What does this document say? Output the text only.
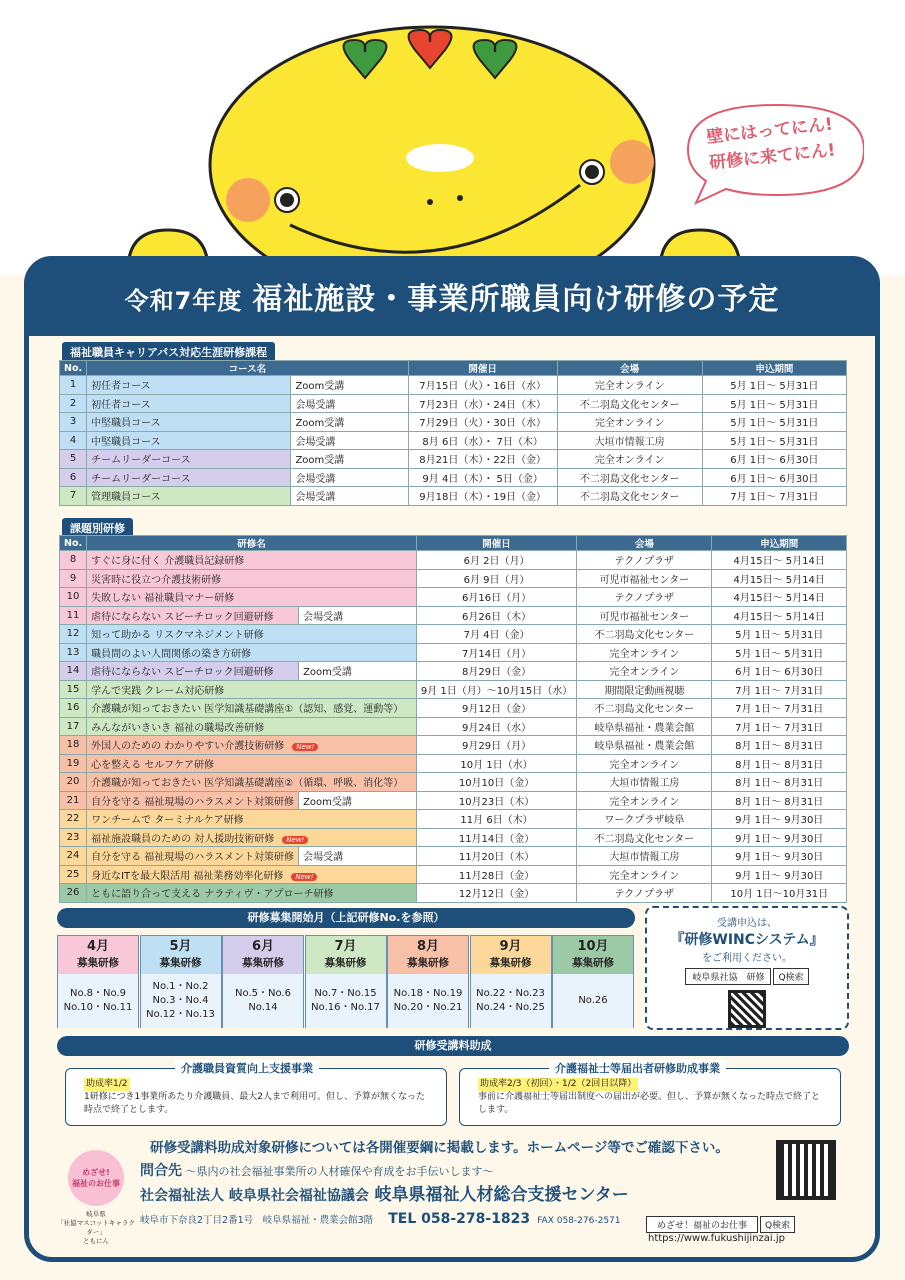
壁にはってにん!
研修に来てにん!
令和7年度 福祉施設・事業所職員向け研修の予定
福祉職員キャリアパス対応生涯研修課程
No.	コース名		開催日	会場	申込期間
1	初任者コース	Zoom受講	7月15日（火）・16日（水）	完全オンライン	5月 1日〜 5月31日
2	初任者コース	会場受講	7月23日（水）・24日（木）	不二羽島文化センター	5月 1日〜 5月31日
3	中堅職員コース	Zoom受講	7月29日（火）・30日（水）	完全オンライン	5月 1日〜 5月31日
4	中堅職員コース	会場受講	8月 6日（水）・ 7日（木）	大垣市情報工房	5月 1日〜 5月31日
5	チームリーダーコース	Zoom受講	8月21日（木）・22日（金）	完全オンライン	6月 1日〜 6月30日
6	チームリーダーコース	会場受講	9月 4日（木）・ 5日（金）	不二羽島文化センター	6月 1日〜 6月30日
7	管理職員コース	会場受講	9月18日（木）・19日（金）	不二羽島文化センター	7月 1日〜 7月31日
課題別研修
No.	研修名		開催日	会場	申込期間
8	すぐに身に付く 介護職員記録研修		6月 2日（月）	テクノプラザ	4月15日〜 5月14日
9	災害時に役立つ介護技術研修		6月 9日（月）	可児市福祉センター	4月15日〜 5月14日
10	失敗しない 福祉職員マナー研修		6月16日（月）	テクノプラザ	4月15日〜 5月14日
11	虐待にならない スピーチロック回避研修	会場受講	6月26日（木）	可児市福祉センター	4月15日〜 5月14日
12	知って助かる リスクマネジメント研修		7月 4日（金）	不二羽島文化センター	5月 1日〜 5月31日
13	職員間のよい人間関係の築き方研修		7月14日（月）	完全オンライン	5月 1日〜 5月31日
14	虐待にならない スピーチロック回避研修	Zoom受講	8月29日（金）	完全オンライン	6月 1日〜 6月30日
15	学んで実践 クレーム対応研修		9月 1日（月）〜10月15日（水）	期間限定動画視聴	7月 1日〜 7月31日
16	介護職が知っておきたい 医学知識基礎講座①（認知、感覚、運動等）		9月12日（金）	不二羽島文化センター	7月 1日〜 7月31日
17	みんながいきいき 福祉の職場改善研修		9月24日（水）	岐阜県福祉・農業会館	7月 1日〜 7月31日
18	外国人のための わかりやすい介護技術研修 New!		9月29日（月）	岐阜県福祉・農業会館	8月 1日〜 8月31日
19	心を整える セルフケア研修		10月 1日（水）	完全オンライン	8月 1日〜 8月31日
20	介護職が知っておきたい 医学知識基礎講座②（循環、呼吸、消化等）		10月10日（金）	大垣市情報工房	8月 1日〜 8月31日
21	自分を守る 福祉現場のハラスメント対策研修	Zoom受講	10月23日（木）	完全オンライン	8月 1日〜 8月31日
22	ワンチームで ターミナルケア研修		11月 6日（木）	ワークプラザ岐阜	9月 1日〜 9月30日
23	福祉施設職員のための 対人援助技術研修 New!		11月14日（金）	不二羽島文化センター	9月 1日〜 9月30日
24	自分を守る 福祉現場のハラスメント対策研修	会場受講	11月20日（木）	大垣市情報工房	9月 1日〜 9月30日
25	身近なITを最大限活用 福祉業務効率化研修 New!		11月28日（金）	完全オンライン	9月 1日〜 9月30日
26	ともに語り合って支える ナラティヴ・アプローチ研修		12月12日（金）	テクノプラザ	10月 1日〜10月31日
研修募集開始月（上記研修No.を参照）
4月
募集研修
No.8・No.9
No.10・No.11
5月
募集研修
No.1・No.2
No.3・No.4
No.12・No.13
6月
募集研修
No.5・No.6
No.14
7月
募集研修
No.7・No.15
No.16・No.17
8月
募集研修
No.18・No.19
No.20・No.21
9月
募集研修
No.22・No.23
No.24・No.25
10月
募集研修
No.26
受講申込は、
『研修WINCシステム』
をご利用ください。
岐阜県社協　研修	Q検索
研修受講料助成
助成率1/2
1研修につき1事業所あたり介護職員、最大2人まで利用可。但し、予算が無くなった時点で終了とします。
介護職員資質向上支援事業
助成率2/3（初回）・1/2（2回目以降）
事前に介護福祉士等届出制度への届出が必要。但し、予算が無くなった時点で終了とします。
介護福祉士等届出者研修助成事業
研修受講料助成対象研修については各開催要綱に掲載します。ホームページ等でご確認下さい。
めざせ!
福祉のお仕事
岐阜県
「社協マスコットキャラクター」
ともにん
問合先 〜県内の社会福祉事業所の人材確保や育成をお手伝いします〜
社会福祉法人 岐阜県社会福祉協議会 岐阜県福祉人材総合支援センター
岐阜市下奈良2丁目2番1号　岐阜県福祉・農業会館3階 TEL 058-278-1823 FAX 058-276-2571	めざせ！福祉のお仕事	Q検索
https://www.fukushijinzai.jp
